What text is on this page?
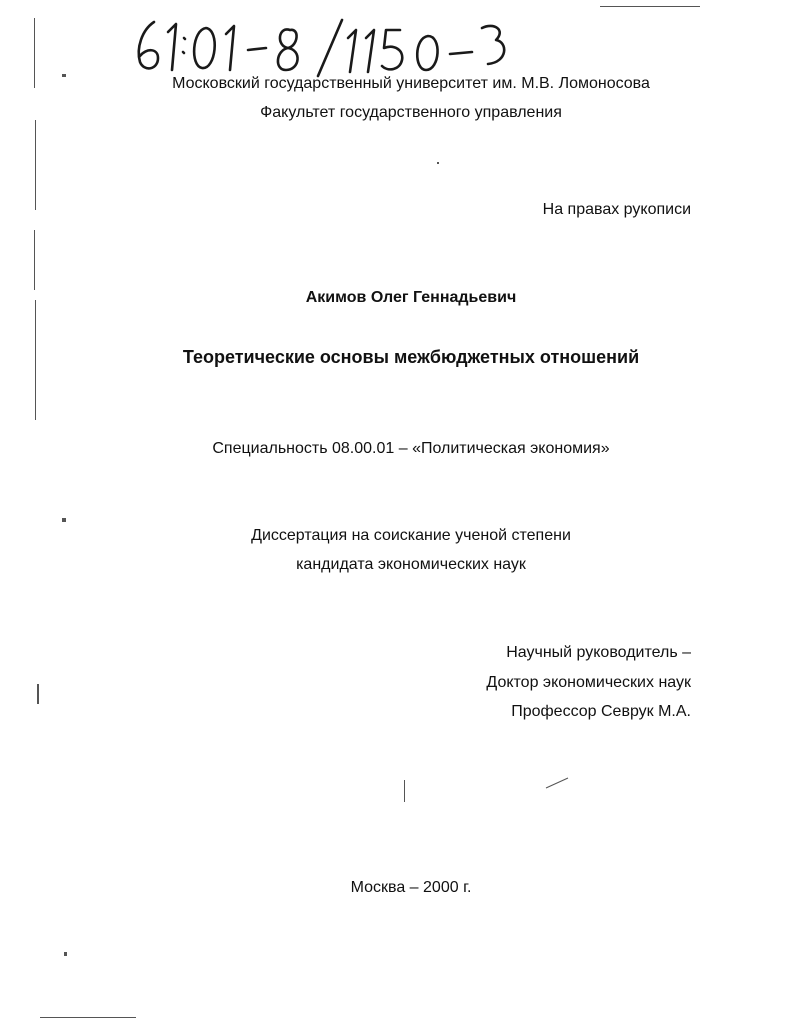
Московский государственный университет им. М.В. Ломоносова
Факультет государственного управления
На правах рукописи
Акимов Олег Геннадьевич
Теоретические основы межбюджетных отношений
Специальность 08.00.01 – «Политическая экономия»
Диссертация на соискание ученой степени
кандидата экономических наук
Научный руководитель –
Доктор экономических наук
Профессор Севрук М.А.
Москва – 2000 г.
